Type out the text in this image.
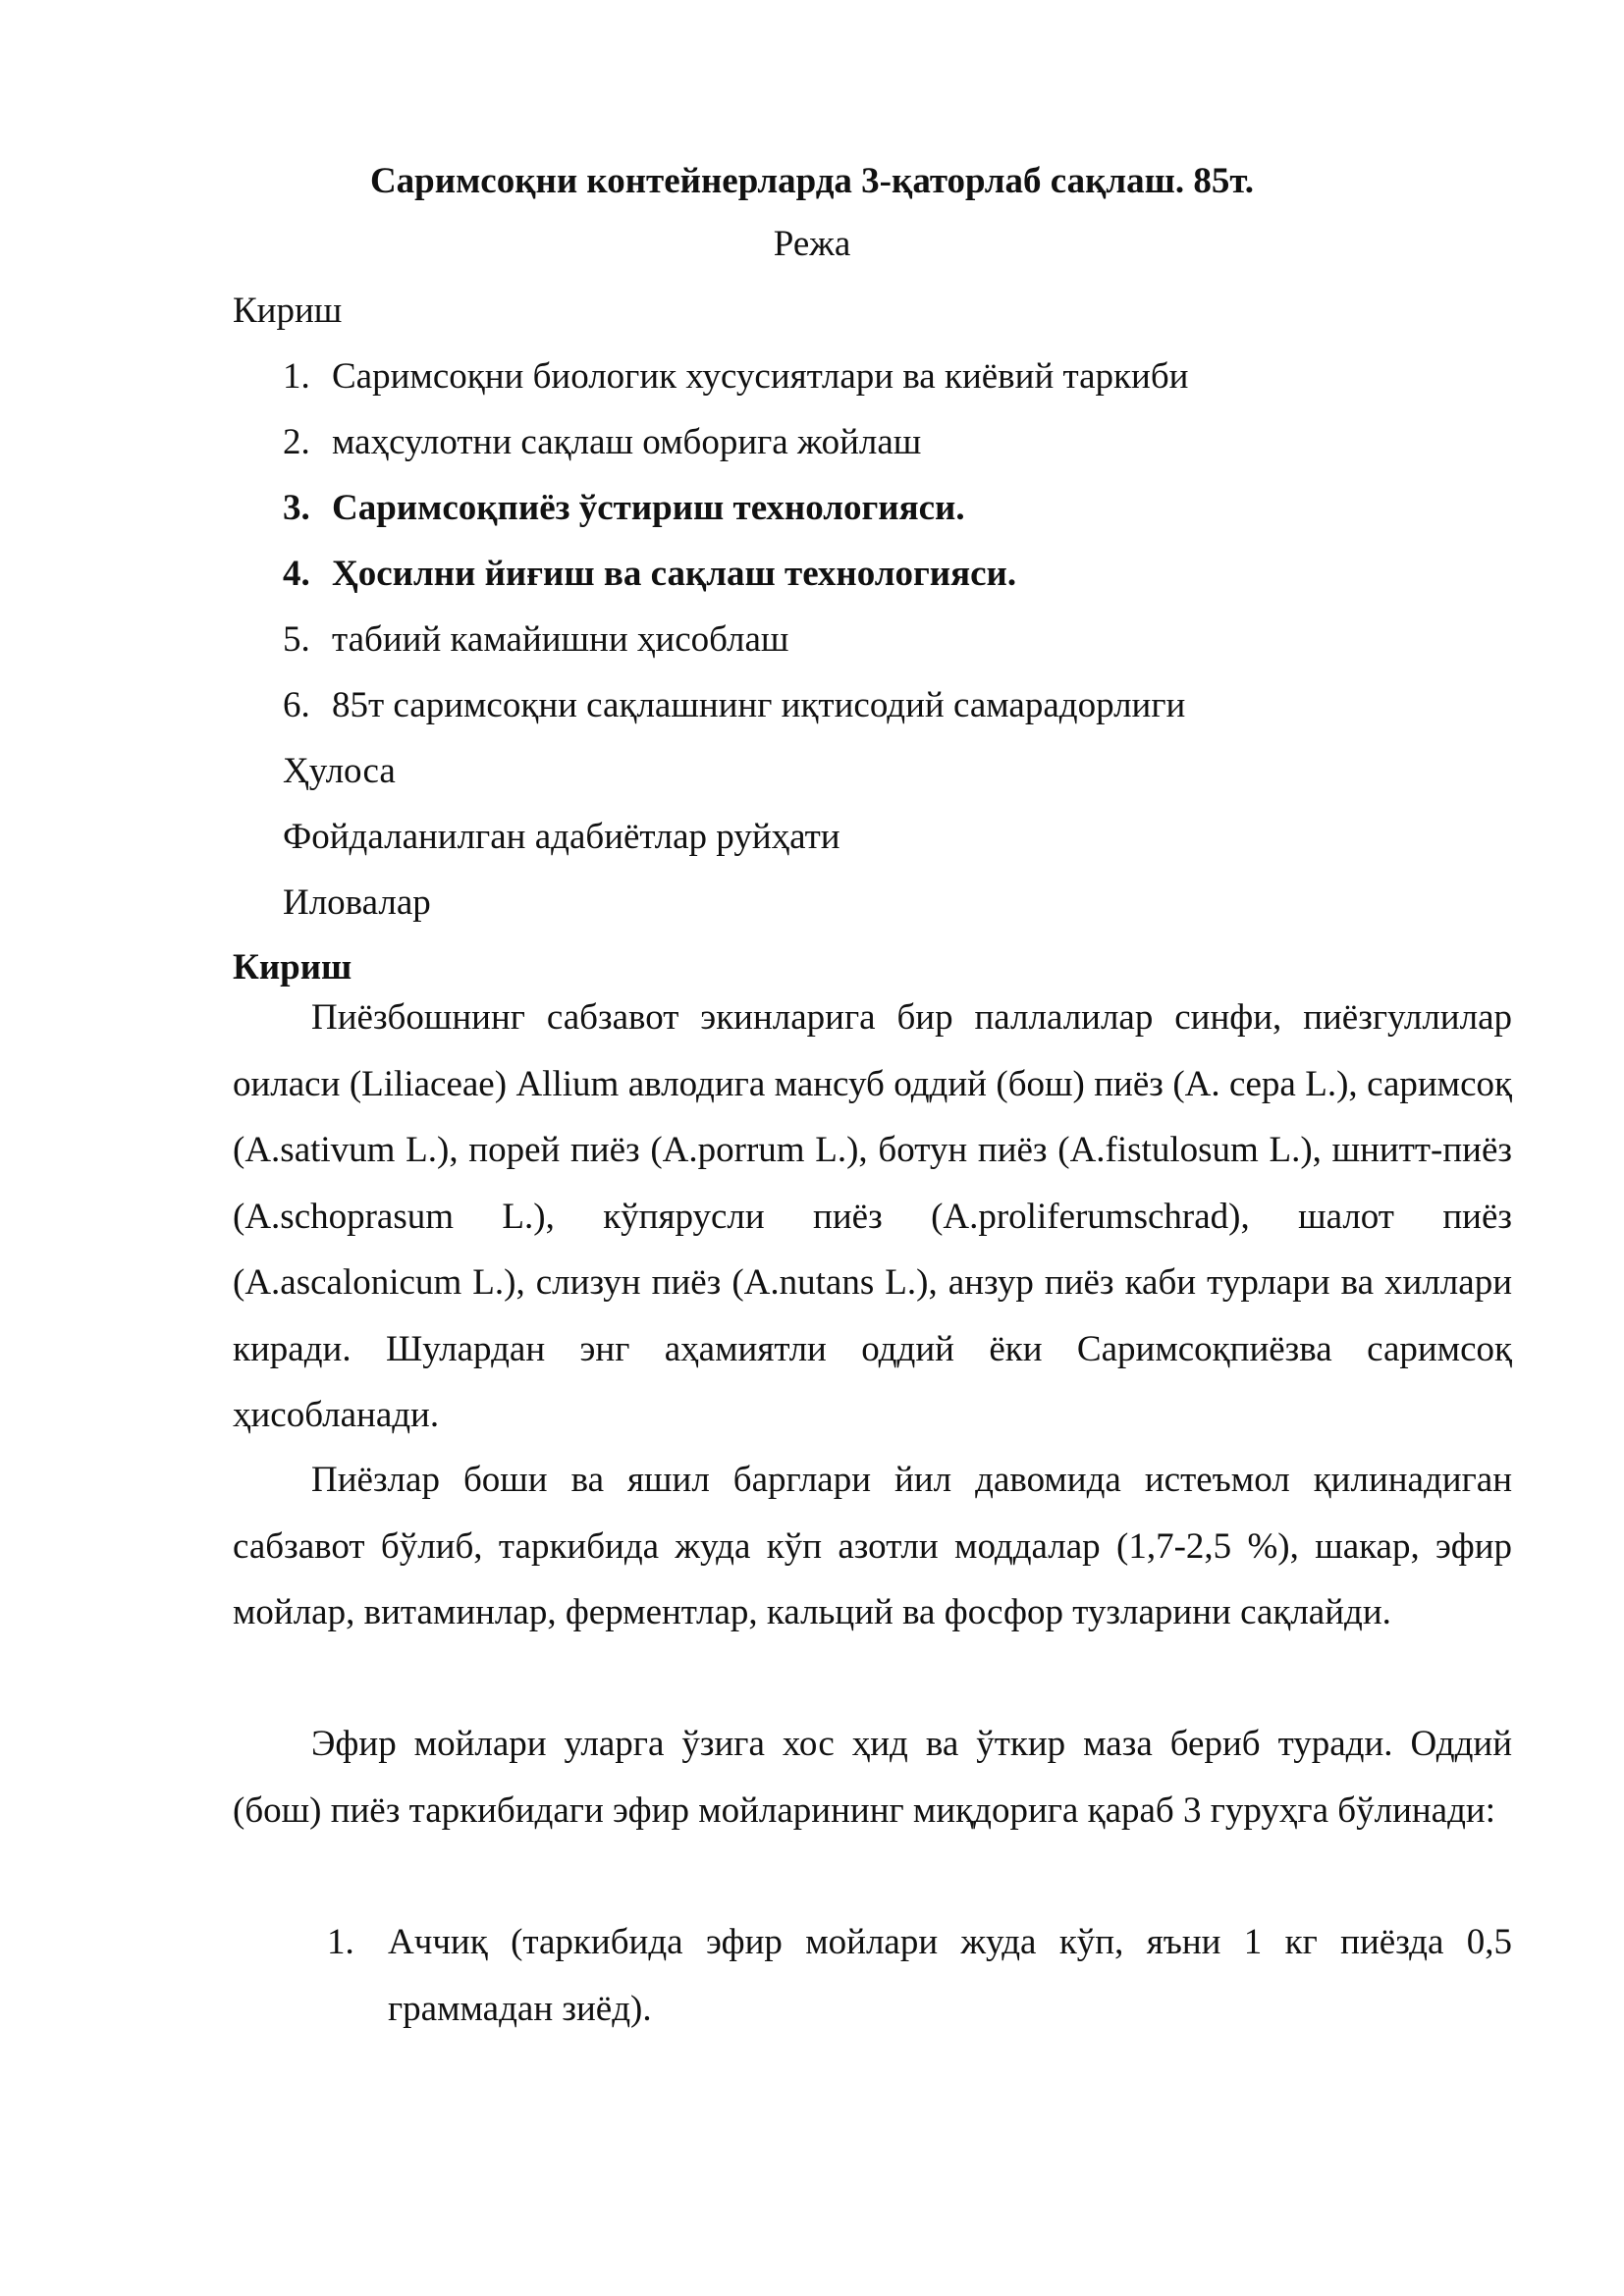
Саримсоқни контейнерларда 3-қаторлаб сақлаш. 85т.
Режа
Кириш
1. Саримсоқни биологик хусусиятлари ва киёвий таркиби
2. маҳсулотни сақлаш омборига жойлаш
3. Саримсоқпиёз ўстириш технологияси.
4. Ҳосилни йиғиш ва сақлаш технологияси.
5. табиий камайишни ҳисоблаш
6. 85т саримсоқни сақлашнинг иқтисодий самарадорлиги
Ҳулоса
Фойдаланилган адабиётлар руйҳати
Иловалар
Кириш
Пиёзбошнинг сабзавот экинларига бир паллалилар синфи, пиёзгуллилар оиласи (Liliaceae) Allium авлодига мансуб оддий (бош) пиёз (A. cepa L.), саримсоқ (A.sativum L.), порей пиёз (A.porrum L.), ботун пиёз (A.fistulosum L.), шнитт-пиёз (A.schoprasum L.), кўпярусли пиёз (A.proliferumschrad), шалот пиёз (A.ascalonicum L.), слизун пиёз (A.nutans L.), анзур пиёз каби турлари ва хиллари киради. Шулардан энг аҳамиятли оддий ёки Саримсоқпиёзва саримсоқ ҳисобланади.
Пиёзлар боши ва яшил барглари йил давомида истеъмол қилинадиган сабзавот бўлиб, таркибида жуда кўп азотли моддалар (1,7-2,5 %), шакар, эфир мойлар, витаминлар, ферментлар, кальций ва фосфор тузларини сақлайди.
Эфир мойлари уларга ўзига хос ҳид ва ўткир маза бериб туради. Оддий (бош) пиёз таркибидаги эфир мойларининг миқдорига қараб 3 гуруҳга бўлинади:
1. Аччиқ (таркибида эфир мойлари жуда кўп, яъни 1 кг пиёзда 0,5 граммадан зиёд).
